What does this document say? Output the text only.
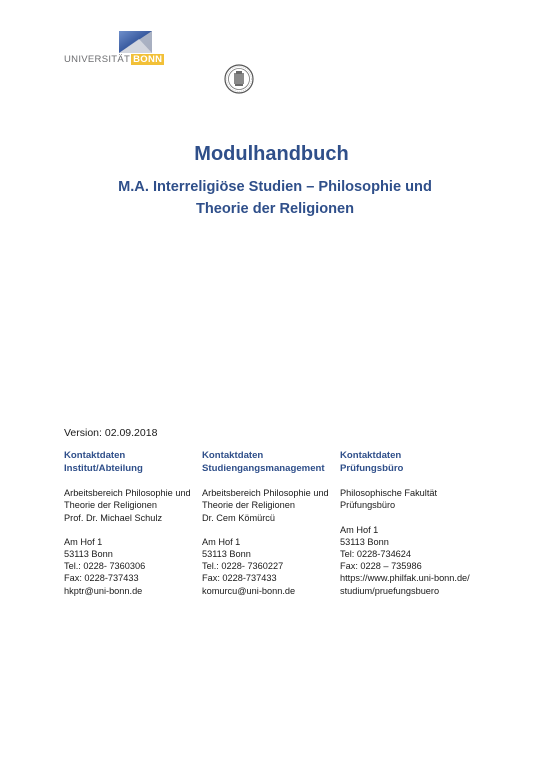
UNIVERSITÄT BONN
Modulhandbuch
M.A. Interreligiöse Studien – Philosophie und Theorie der Religionen
Version: 02.09.2018
Kontaktdaten
Institut/Abteilung
Arbeitsbereich Philosophie und
Theorie der Religionen
Prof. Dr. Michael Schulz
Am Hof 1
53113 Bonn
Tel.: 0228- 7360306
Fax: 0228-737433
hkptr@uni-bonn.de
Kontaktdaten
Studiengangsmanagement
Arbeitsbereich Philosophie und
Theorie der Religionen
Dr. Cem Kömürcü
Am Hof 1
53113 Bonn
Tel.: 0228- 7360227
Fax: 0228-737433
komurcu@uni-bonn.de
Kontaktdaten
Prüfungsbüro
Philosophische Fakultät
Prüfungsbüro
Am Hof 1
53113 Bonn
Tel: 0228-734624
Fax: 0228 – 735986
https://www.philfak.uni-bonn.de/
studium/pruefungsbuero
